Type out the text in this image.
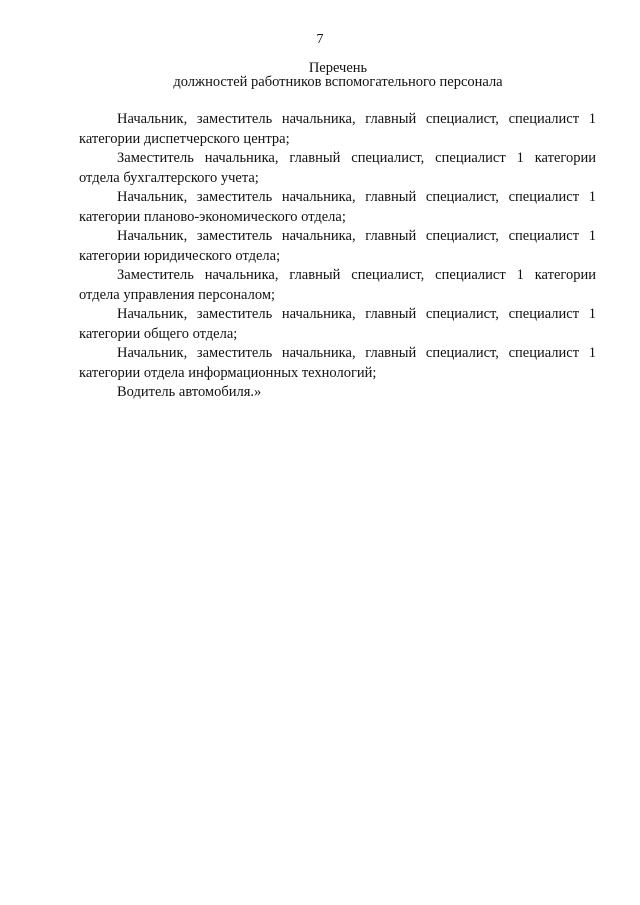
7
Перечень
должностей работников вспомогательного персонала

Начальник, заместитель начальника, главный специалист, специалист 1 категории диспетчерского центра;

Заместитель начальника, главный специалист, специалист 1 категории отдела бухгалтерского учета;

Начальник, заместитель начальника, главный специалист, специалист 1 категории планово-экономического отдела;

Начальник, заместитель начальника, главный специалист, специалист 1 категории юридического отдела;

Заместитель начальника, главный специалист, специалист 1 категории отдела управления персоналом;

Начальник, заместитель начальника, главный специалист, специалист 1 категории общего отдела;

Начальник, заместитель начальника, главный специалист, специалист 1 категории отдела информационных технологий;

Водитель автомобиля.»
